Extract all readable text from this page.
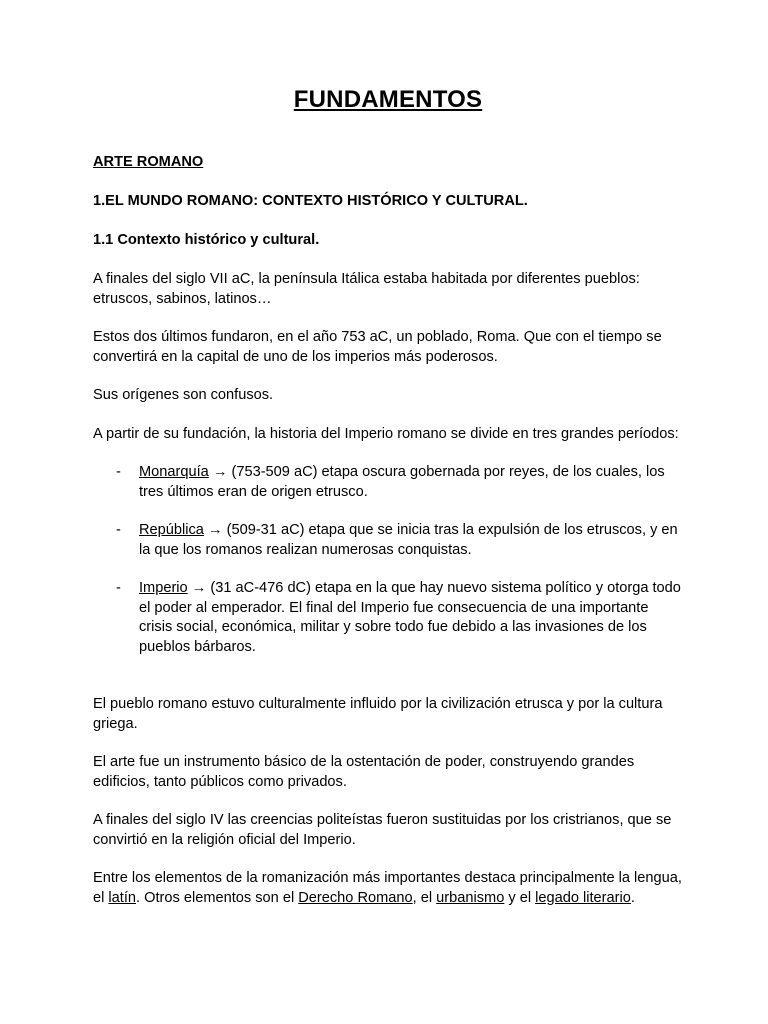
FUNDAMENTOS
ARTE ROMANO
1.EL MUNDO ROMANO: CONTEXTO HISTÓRICO Y CULTURAL.
1.1 Contexto histórico y cultural.
A finales del siglo VII aC, la península Itálica estaba habitada por diferentes pueblos: etruscos, sabinos, latinos…
Estos dos últimos fundaron, en el año 753 aC, un poblado, Roma. Que con el tiempo se convertirá en la capital de uno de los imperios más poderosos.
Sus orígenes son confusos.
A partir de su fundación, la historia del Imperio romano se divide en tres grandes períodos:
- Monarquía → (753-509 aC) etapa oscura gobernada por reyes, de los cuales, los tres últimos eran de origen etrusco.
- República → (509-31 aC) etapa que se inicia tras la expulsión de los etruscos, y en la que los romanos realizan numerosas conquistas.
- Imperio → (31 aC-476 dC) etapa en la que hay nuevo sistema político y otorga todo el poder al emperador. El final del Imperio fue consecuencia de una importante crisis social, económica, militar y sobre todo fue debido a las invasiones de los pueblos bárbaros.
El pueblo romano estuvo culturalmente influido por la civilización etrusca y por la cultura griega.
El arte fue un instrumento básico de la ostentación de poder, construyendo grandes edificios, tanto públicos como privados.
A finales del siglo IV las creencias politeístas fueron sustituidas por los cristrianos, que se convirtió en la religión oficial del Imperio.
Entre los elementos de la romanización más importantes destaca principalmente la lengua, el latín. Otros elementos son el Derecho Romano, el urbanismo y el legado literario.
